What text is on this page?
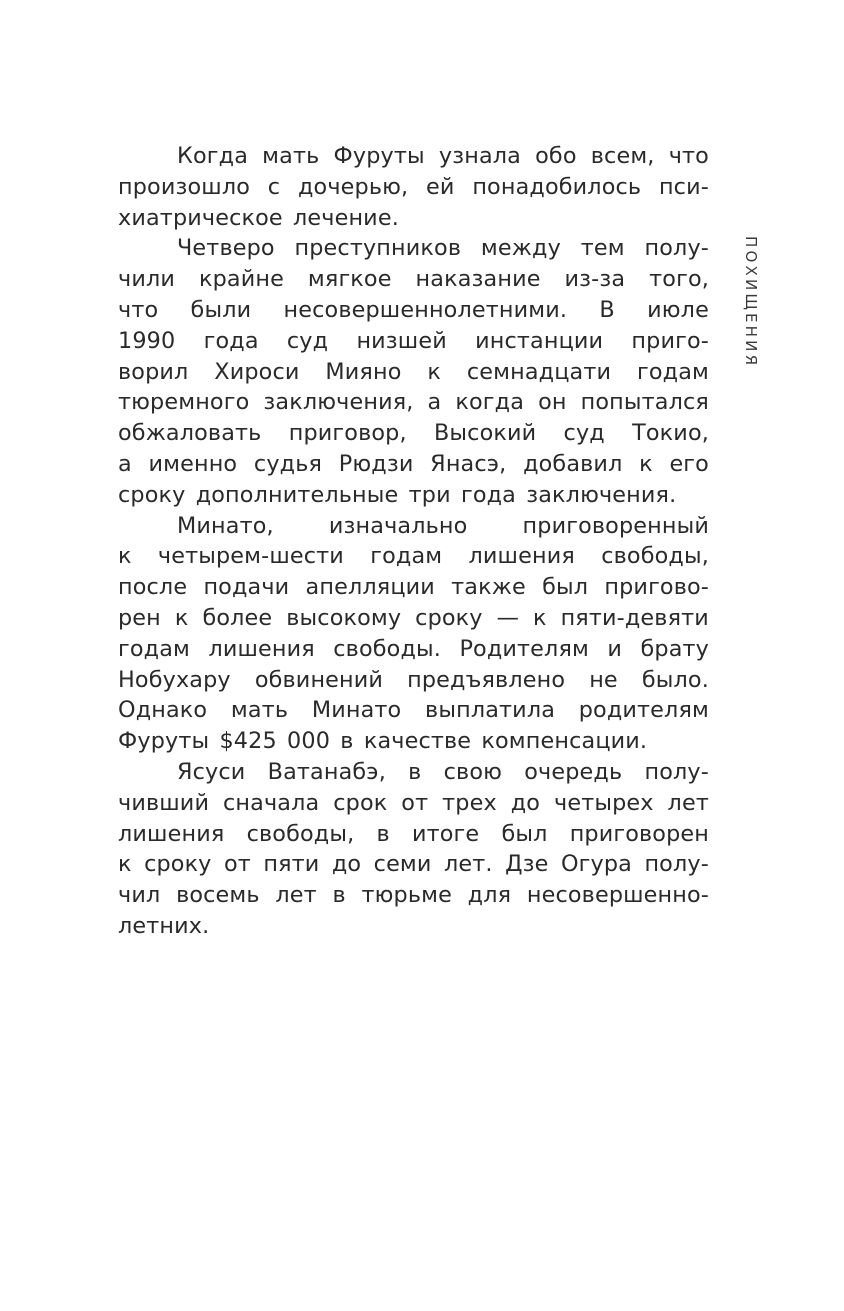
ПОХИЩЕНИЯ
Когда мать Фуруты узнала обо всем, что
произошло с дочерью, ей понадобилось пси-
хиатрическое лечение.
Четверо преступников между тем полу-
чили крайне мягкое наказание из-за того,
что были несовершеннолетними. В июле
1990 года суд низшей инстанции приго-
ворил Хироси Мияно к семнадцати годам
тюремного заключения, а когда он попытался
обжаловать приговор, Высокий суд Токио,
а именно судья Рюдзи Янасэ, добавил к его
сроку дополнительные три года заключения.
Минато, изначально приговоренный
к четырем-шести годам лишения свободы,
после подачи апелляции также был пригово-
рен к более высокому сроку — к пяти-девяти
годам лишения свободы. Родителям и брату
Нобухару обвинений предъявлено не было.
Однако мать Минато выплатила родителям
Фуруты $425 000 в качестве компенсации.
Ясуси Ватанабэ, в свою очередь полу-
чивший сначала срок от трех до четырех лет
лишения свободы, в итоге был приговорен
к сроку от пяти до семи лет. Дзе Огура полу-
чил восемь лет в тюрьме для несовершенно-
летних.
